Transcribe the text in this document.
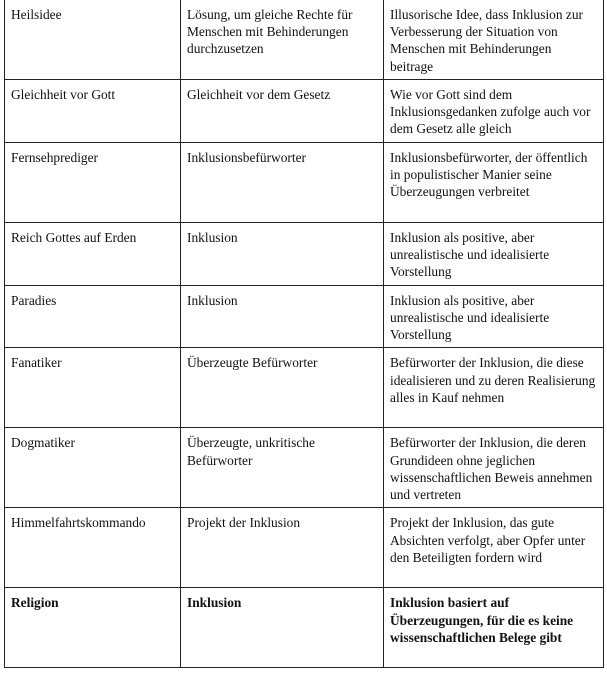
Heilsidee	Lösung, um gleiche Rechte für Menschen mit Behinderungen durchzusetzen	Illusorische Idee, dass Inklusion zur Verbesserung der Situation von Menschen mit Behinderungen beitrage
Gleichheit vor Gott	Gleichheit vor dem Gesetz	Wie vor Gott sind dem Inklusionsgedanken zufolge auch vor dem Gesetz alle gleich
Fernsehprediger	Inklusionsbefürworter	Inklusionsbefürworter, der öffentlich in populistischer Manier seine Überzeugungen verbreitet
Reich Gottes auf Erden	Inklusion	Inklusion als positive, aber unrealistische und idealisierte Vorstellung
Paradies	Inklusion	Inklusion als positive, aber unrealistische und idealisierte Vorstellung
Fanatiker	Überzeugte Befürworter	Befürworter der Inklusion, die diese idealisieren und zu deren Realisierung alles in Kauf nehmen
Dogmatiker	Überzeugte, unkritische Befürworter	Befürworter der Inklusion, die deren Grundideen ohne jeglichen wissenschaftlichen Beweis annehmen und vertreten
Himmelfahrtskommando	Projekt der Inklusion	Projekt der Inklusion, das gute Absichten verfolgt, aber Opfer unter den Beteiligten fordern wird
Religion	Inklusion	Inklusion basiert auf Überzeugungen, für die es keine wissenschaftlichen Belege gibt
